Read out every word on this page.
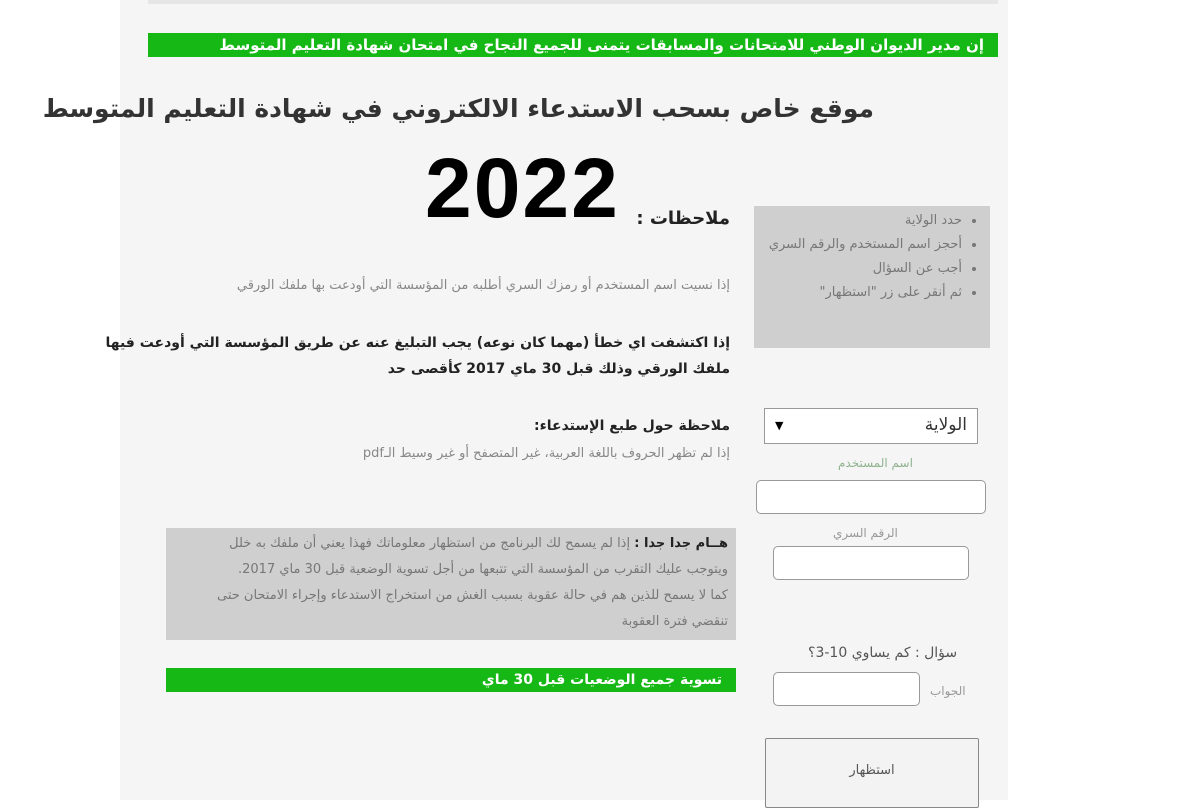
إن مدير الديوان الوطني للامتحانات والمسابقات يتمنى للجميع النجاح في امتحان شهادة التعليم المتوسط
موقع خاص بسحب الاستدعاء الالكتروني في شهادة التعليم المتوسط
2022 ملاحظات :
إذا نسيت اسم المستخدم أو رمزك السري أطلبه من المؤسسة التي أودعت بها ملفك الورقي
إذا اكتشفت اي خطأ (مهما كان نوعه) يجب التبليغ عنه عن طريق المؤسسة التي أودعت فيها
ملفك الورقي وذلك قبل 30 ماي 2017 كأقصى حد
ملاحظة حول طبع الإستدعاء:
إذا لم تظهر الحروف باللغة العربية، غير المتصفح أو غير وسيط الـpdf
هــام جدا جدا : إذا لم يسمح لك البرنامج من استظهار معلوماتك فهذا يعني أن ملفك به خلل
ويتوجب عليك التقرب من المؤسسة التي تتبعها من أجل تسوية الوضعية قبل 30 ماي 2017.
كما لا يسمح للذين هم في حالة عقوبة بسبب الغش من استخراج الاستدعاء وإجراء الامتحان حتى
تنقضي فترة العقوبة
تسوية جميع الوضعيات قبل 30 ماي
• حدد الولاية
• أحجز اسم المستخدم والرقم السري
• أجب عن السؤال
• ثم أنقر على زر "استظهار"
الولاية
▼
اسم المستخدم
الرقم السري
سؤال : كم يساوي 10-3؟
الجواب
استظهار
